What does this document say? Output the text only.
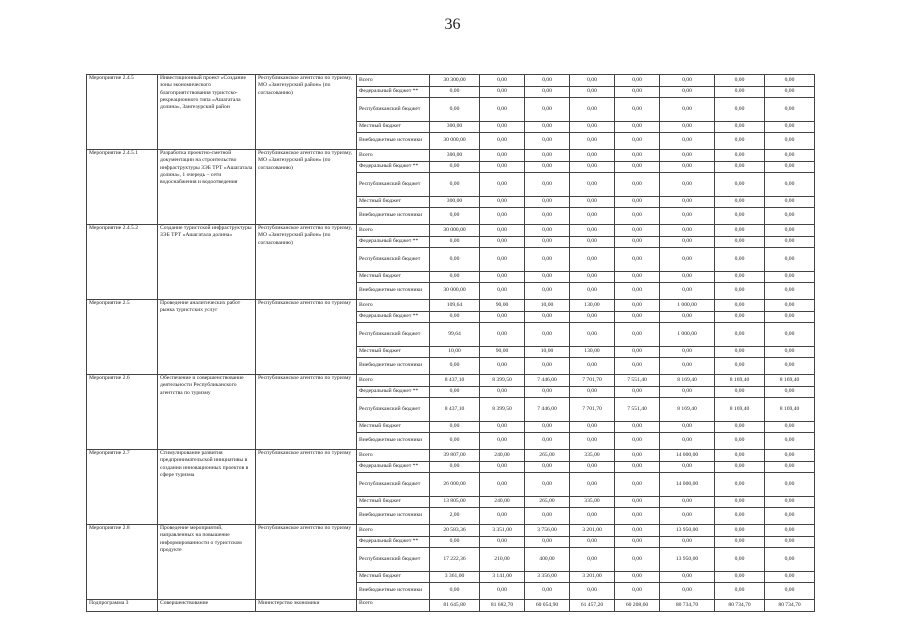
36
Мероприятие 2.4.5	Инвестиционный проект «Создание зоны экономического благоприятствования туристско-рекреационного типа «Ашагатала долина», Зангезурский район	Республиканское агентство по туризму, МО «Зангезурский район» (по согласованию)	Всего	30 300,00	0,00	0,00	0,00	0,00	0,00	0,00	0,00
			Федеральный бюджет **	0,00	0,00	0,00	0,00	0,00	0,00	0,00	0,00
			Республиканский бюджет	0,00	0,00	0,00	0,00	0,00	0,00	0,00	0,00
			Местный бюджет	300,00	0,00	0,00	0,00	0,00	0,00	0,00	0,00
			Внебюджетные источники	30 000,00	0,00	0,00	0,00	0,00	0,00	0,00	0,00
Мероприятие 2.4.5.1	Разработка проектно-сметной документации на строительство инфраструктуры ЗЭБ ТРТ «Ашагатала долина», 1 очередь – сети водоснабжения и водоотведения	Республиканское агентство по туризму, МО «Зангезурский район» (по согласованию)	Всего	300,00	0,00	0,00	0,00	0,00	0,00	0,00	0,00
			Федеральный бюджет **	0,00	0,00	0,00	0,00	0,00	0,00	0,00	0,00
			Республиканский бюджет	0,00	0,00	0,00	0,00	0,00	0,00	0,00	0,00
			Местный бюджет	300,00	0,00	0,00	0,00	0,00	0,00	0,00	0,00
			Внебюджетные источники	0,00	0,00	0,00	0,00	0,00	0,00	0,00	0,00
Мероприятие 2.4.5.2	Создание туристской инфраструктуры ЗЭБ ТРТ «Ашагатала долина»	Республиканское агентство по туризму, МО «Зангезурский район» (по согласованию)	Всего	30 000,00	0,00	0,00	0,00	0,00	0,00	0,00	0,00
			Федеральный бюджет **	0,00	0,00	0,00	0,00	0,00	0,00	0,00	0,00
			Республиканский бюджет	0,00	0,00	0,00	0,00	0,00	0,00	0,00	0,00
			Местный бюджет	0,00	0,00	0,00	0,00	0,00	0,00	0,00	0,00
			Внебюджетные источники	30 000,00	0,00	0,00	0,00	0,00	0,00	0,00	0,00
Мероприятие 2.5	Проведение аналитических работ рынка туристских услуг	Республиканское агентство по туризму	Всего	109,64	90,00	10,00	130,00	0,00	1 000,00	0,00	0,00
			Федеральный бюджет **	0,00	0,00	0,00	0,00	0,00	0,00	0,00	0,00
			Республиканский бюджет	99,64	0,00	0,00	0,00	0,00	1 000,00	0,00	0,00
			Местный бюджет	10,00	90,00	10,00	130,00	0,00	0,00	0,00	0,00
			Внебюджетные источники	0,00	0,00	0,00	0,00	0,00	0,00	0,00	0,00
Мероприятие 2.6	Обеспечение и совершенствование деятельности Республиканского агентства по туризму	Республиканское агентство по туризму	Всего	8 437,10	8 399,50	7 446,00	7 701,70	7 551,40	8 169,40	8 169,40	8 169,40
			Федеральный бюджет **	0,00	0,00	0,00	0,00	0,00	0,00	0,00	0,00
			Республиканский бюджет	8 437,10	8 399,50	7 446,00	7 701,70	7 551,40	8 169,40	8 169,40	8 169,40
			Местный бюджет	0,00	0,00	0,00	0,00	0,00	0,00	0,00	0,00
			Внебюджетные источники	0,00	0,00	0,00	0,00	0,00	0,00	0,00	0,00
Мероприятие 2.7	Стимулирование развития предпринимательской инициативы в создании инновационных проектов в сфере туризма	Республиканское агентство по туризму	Всего	39 807,00	240,00	265,00	335,00	0,00	14 000,00	0,00	0,00
			Федеральный бюджет **	0,00	0,00	0,00	0,00	0,00	0,00	0,00	0,00
			Республиканский бюджет	26 000,00	0,00	0,00	0,00	0,00	14 000,00	0,00	0,00
			Местный бюджет	13 805,00	240,00	265,00	335,00	0,00	0,00	0,00	0,00
			Внебюджетные источники	2,00	0,00	0,00	0,00	0,00	0,00	0,00	0,00
Мероприятие 2.8	Проведение мероприятий, направленных на повышение информированности о туристском продукте	Республиканское агентство по туризму	Всего	20 583,36	3 351,00	3 756,00	3 201,00	0,00	13 950,00	0,00	0,00
			Федеральный бюджет **	0,00	0,00	0,00	0,00	0,00	0,00	0,00	0,00
			Республиканский бюджет	17 222,36	210,00	400,00	0,00	0,00	13 950,00	0,00	0,00
			Местный бюджет	3 361,00	3 141,00	3 356,00	3 201,00	0,00	0,00	0,00	0,00
			Внебюджетные источники	0,00	0,00	0,00	0,00	0,00	0,00	0,00	0,00
Подпрограмма 3	Совершенствование	Министерство экономики	Всего	81 645,80	81 682,70	60 054,90	61 457,20	60 208,60	80 734,70	80 734,70	80 734,70
